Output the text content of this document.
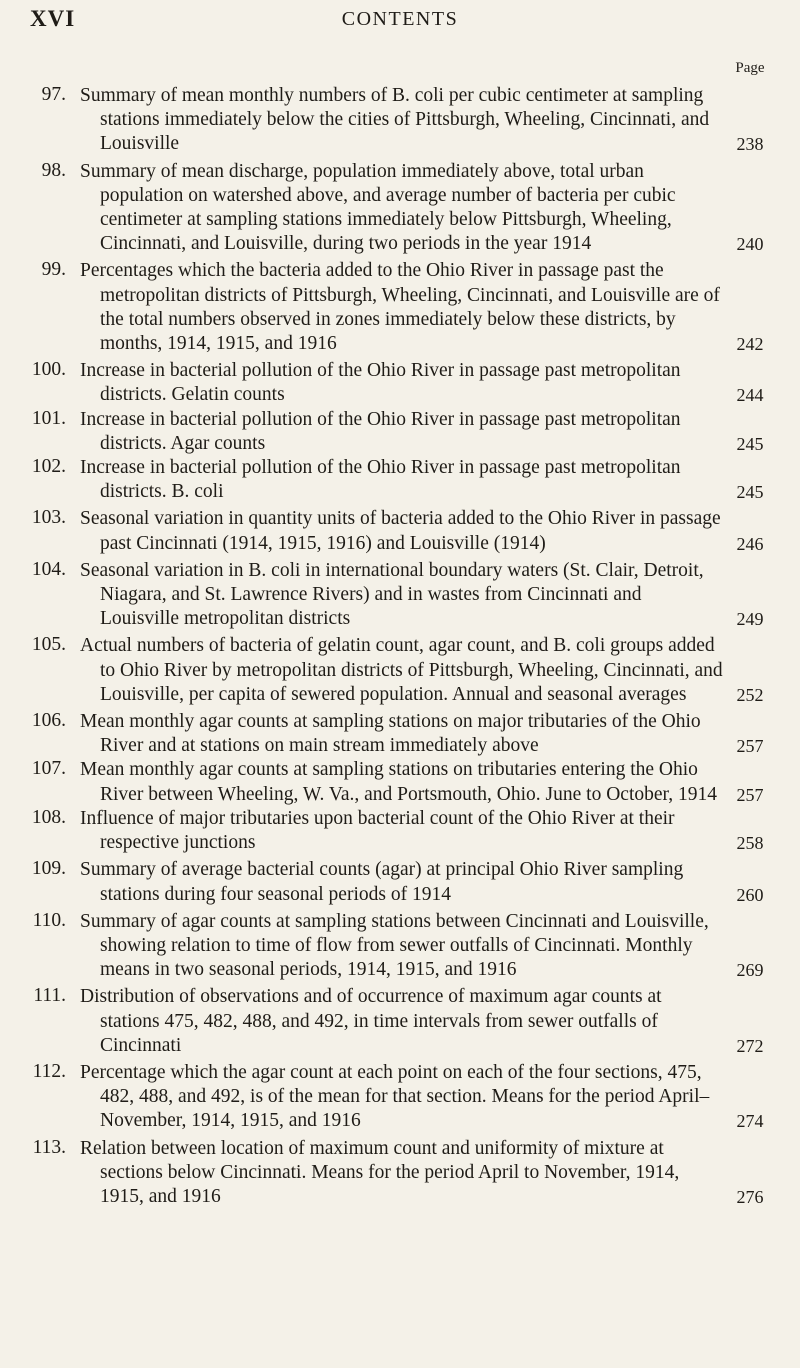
XVI	CONTENTS
Page
97. Summary of mean monthly numbers of B. coli per cubic centimeter at sampling stations immediately below the cities of Pittsburgh, Wheeling, Cincinnati, and Louisville	238
98. Summary of mean discharge, population immediately above, total urban population on watershed above, and average number of bacteria per cubic centimeter at sampling stations immediately below Pittsburgh, Wheeling, Cincinnati, and Louisville, during two periods in the year 1914	240
99. Percentages which the bacteria added to the Ohio River in passage past the metropolitan districts of Pittsburgh, Wheeling, Cincinnati, and Louisville are of the total numbers observed in zones immediately below these districts, by months, 1914, 1915, and 1916	242
100. Increase in bacterial pollution of the Ohio River in passage past metropolitan districts. Gelatin counts	244
101. Increase in bacterial pollution of the Ohio River in passage past metropolitan districts. Agar counts	245
102. Increase in bacterial pollution of the Ohio River in passage past metropolitan districts. B. coli	245
103. Seasonal variation in quantity units of bacteria added to the Ohio River in passage past Cincinnati (1914, 1915, 1916) and Louisville (1914)	246
104. Seasonal variation in B. coli in international boundary waters (St. Clair, Detroit, Niagara, and St. Lawrence Rivers) and in wastes from Cincinnati and Louisville metropolitan districts	249
105. Actual numbers of bacteria of gelatin count, agar count, and B. coli groups added to Ohio River by metropolitan districts of Pittsburgh, Wheeling, Cincinnati, and Louisville, per capita of sewered population. Annual and seasonal averages	252
106. Mean monthly agar counts at sampling stations on major tributaries of the Ohio River and at stations on main stream immediately above	257
107. Mean monthly agar counts at sampling stations on tributaries entering the Ohio River between Wheeling, W. Va., and Portsmouth, Ohio. June to October, 1914	257
108. Influence of major tributaries upon bacterial count of the Ohio River at their respective junctions	258
109. Summary of average bacterial counts (agar) at principal Ohio River sampling stations during four seasonal periods of 1914	260
110. Summary of agar counts at sampling stations between Cincinnati and Louisville, showing relation to time of flow from sewer outfalls of Cincinnati. Monthly means in two seasonal periods, 1914, 1915, and 1916	269
111. Distribution of observations and of occurrence of maximum agar counts at stations 475, 482, 488, and 492, in time intervals from sewer outfalls of Cincinnati	272
112. Percentage which the agar count at each point on each of the four sections, 475, 482, 488, and 492, is of the mean for that section. Means for the period April–November, 1914, 1915, and 1916	274
113. Relation between location of maximum count and uniformity of mixture at sections below Cincinnati. Means for the period April to November, 1914, 1915, and 1916	276
